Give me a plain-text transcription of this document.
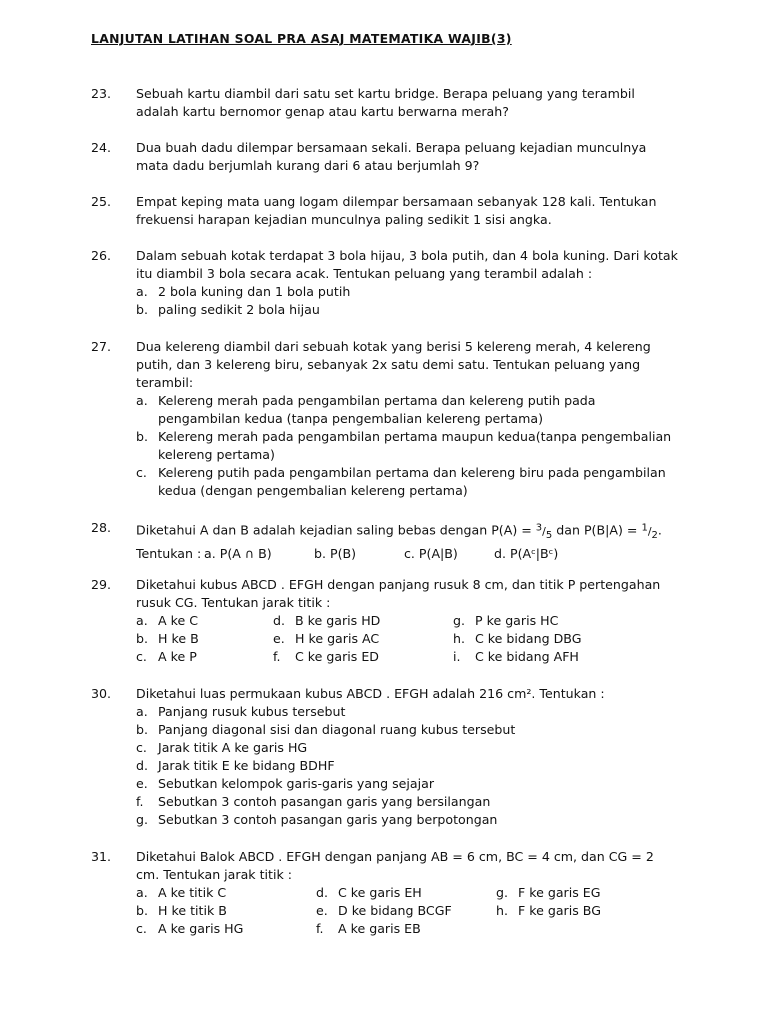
LANJUTAN LATIHAN SOAL PRA ASAJ MATEMATIKA WAJIB(3)
23. Sebuah kartu diambil dari satu set kartu bridge. Berapa peluang yang terambil adalah kartu bernomor genap atau kartu berwarna merah?
24. Dua buah dadu dilempar bersamaan sekali. Berapa peluang kejadian munculnya mata dadu berjumlah kurang dari 6 atau berjumlah 9?
25. Empat keping mata uang logam dilempar bersamaan sebanyak 128 kali. Tentukan frekuensi harapan kejadian munculnya paling sedikit 1 sisi angka.
26. Dalam sebuah kotak terdapat 3 bola hijau, 3 bola putih, dan 4 bola kuning. Dari kotak itu diambil 3 bola secara acak. Tentukan peluang yang terambil adalah :
a. 2 bola kuning dan 1 bola putih
b. paling sedikit 2 bola hijau
27. Dua kelereng diambil dari sebuah kotak yang berisi 5 kelereng merah, 4 kelereng putih, dan 3 kelereng biru, sebanyak 2x satu demi satu. Tentukan peluang yang terambil:
a. Kelereng merah pada pengambilan pertama dan kelereng putih pada pengambilan kedua (tanpa pengembalian kelereng pertama)
b. Kelereng merah pada pengambilan pertama maupun kedua(tanpa pengembalian kelereng pertama)
c. Kelereng putih pada pengambilan pertama dan kelereng biru pada pengambilan kedua (dengan pengembalian kelereng pertama)
28. Diketahui A dan B adalah kejadian saling bebas dengan $P(A) = ^3/_5$ dan $P(B|A) = ^1/_2$.
Tentukan : a. P(A ∩ B)	b. P(B)	c. P(A|B)	d. P(Aᶜ|Bᶜ)
29. Diketahui kubus ABCD . EFGH dengan panjang rusuk 8 cm, dan titik P pertengahan rusuk CG. Tentukan jarak titik :
a. A ke C	d. B ke garis HD	g. P ke garis HC
b. H ke B	e. H ke garis AC	h. C ke bidang DBG
c. A ke P	f.	C ke garis ED	i.	C ke bidang AFH
30. Diketahui luas permukaan kubus ABCD . EFGH adalah 216 cm². Tentukan :
a. Panjang rusuk kubus tersebut
b. Panjang diagonal sisi dan diagonal ruang kubus tersebut
c. Jarak titik A ke garis HG
d. Jarak titik E ke bidang BDHF
e. Sebutkan kelompok garis-garis yang sejajar
f.	Sebutkan 3 contoh pasangan garis yang bersilangan
g. Sebutkan 3 contoh pasangan garis yang berpotongan
31. Diketahui Balok ABCD . EFGH dengan panjang AB = 6 cm, BC = 4 cm, dan CG = 2 cm. Tentukan jarak titik :
a. A ke titik C	d. C ke garis EH	g. F ke garis EG
b. H ke titik B	e. D ke bidang BCGF	h. F ke garis BG
c. A ke garis HG	f.	A ke garis EB
